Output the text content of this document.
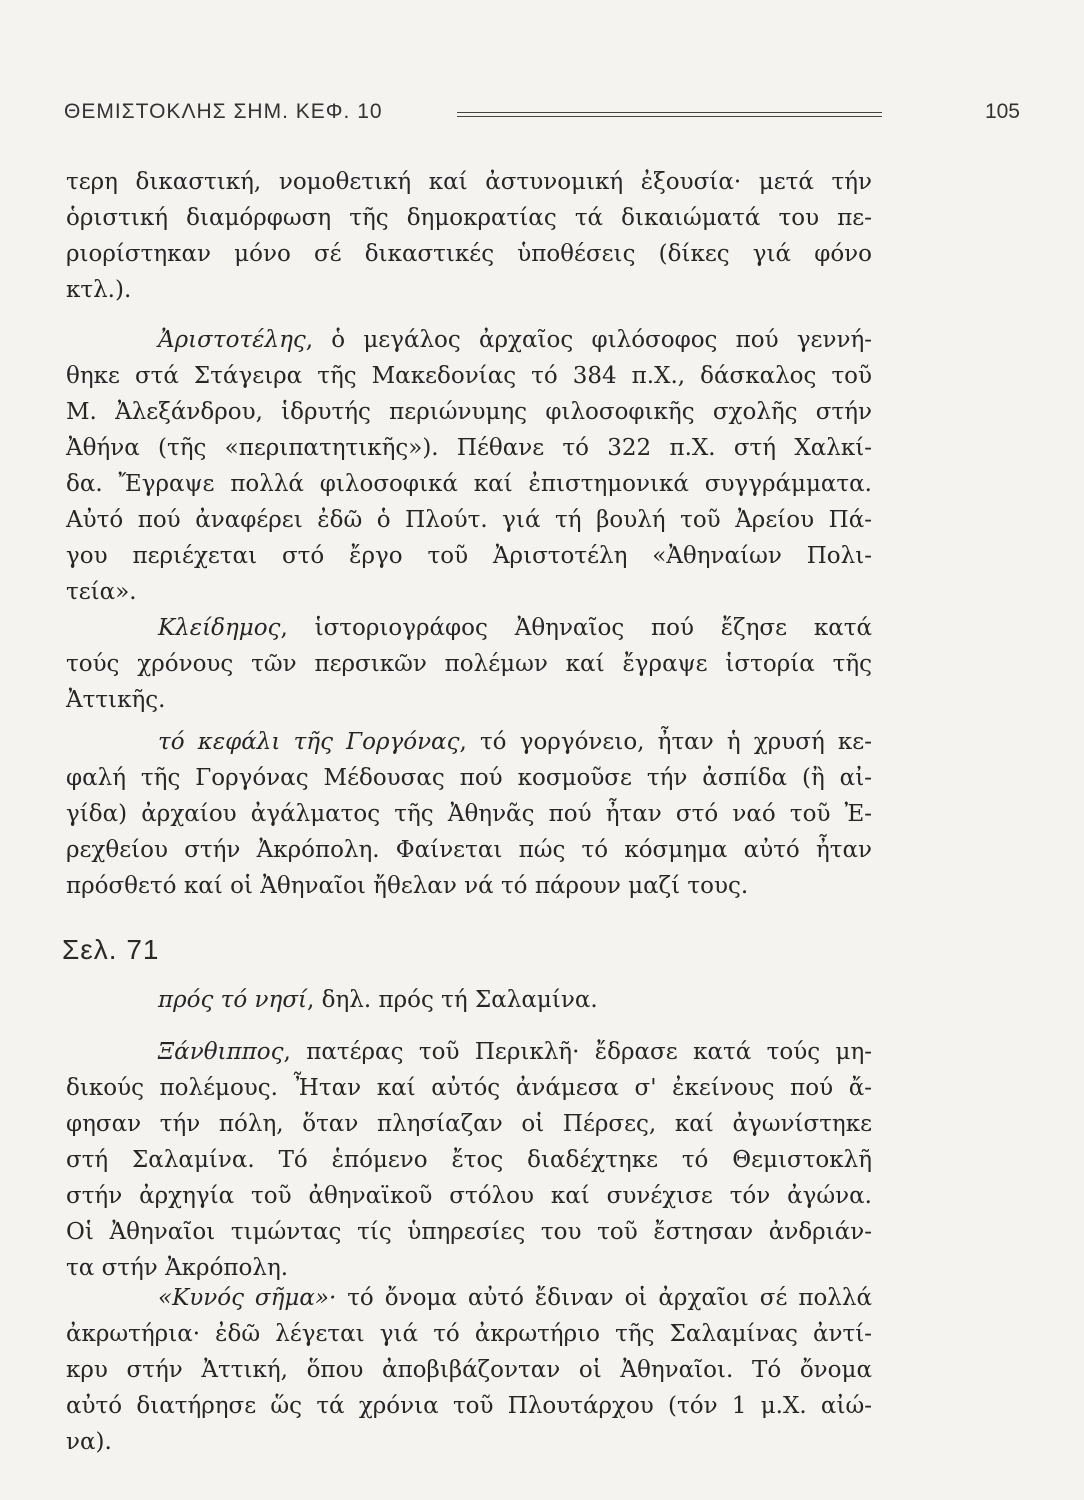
ΘΕΜΙΣΤΟΚΛΗΣ ΣΗΜ. ΚΕΦ. 10	105
τερη δικαστική, νομοθετική καί ἀστυνομική ἐξουσία· μετά τήν
ὁριστική διαμόρφωση τῆς δημοκρατίας τά δικαιώματά του πε-
ριορίστηκαν μόνο σέ δικαστικές ὑποθέσεις (δίκες γιά φόνο
κτλ.).
Ἀριστοτέλης, ὁ μεγάλος ἀρχαῖος φιλόσοφος πού γεννή-
θηκε στά Στάγειρα τῆς Μακεδονίας τό 384 π.Χ., δάσκαλος τοῦ
Μ. Ἀλεξάνδρου, ἱδρυτής περιώνυμης φιλοσοφικῆς σχολῆς στήν
Ἀθήνα (τῆς «περιπατητικῆς»). Πέθανε τό 322 π.Χ. στή Χαλκί-
δα. Ἔγραψε πολλά φιλοσοφικά καί ἐπιστημονικά συγγράμματα.
Αὐτό πού ἀναφέρει ἐδῶ ὁ Πλούτ. γιά τή βουλή τοῦ Ἀρείου Πά-
γου περιέχεται στό ἔργο τοῦ Ἀριστοτέλη «Ἀθηναίων Πολι-
τεία».
Κλείδημος, ἱστοριογράφος Ἀθηναῖος πού ἔζησε κατά
τούς χρόνους τῶν περσικῶν πολέμων καί ἔγραψε ἱστορία τῆς
Ἀττικῆς.
τό κεφάλι τῆς Γοργόνας, τό γοργόνειο, ἦταν ἡ χρυσή κε-
φαλή τῆς Γοργόνας Μέδουσας πού κοσμοῦσε τήν ἀσπίδα (ἢ αἰ-
γίδα) ἀρχαίου ἀγάλματος τῆς Ἀθηνᾶς πού ἦταν στό ναό τοῦ Ἐ-
ρεχθείου στήν Ἀκρόπολη. Φαίνεται πώς τό κόσμημα αὐτό ἦταν
πρόσθετό καί οἱ Ἀθηναῖοι ἤθελαν νά τό πάρουν μαζί τους.
Σελ. 71
πρός τό νησί, δηλ. πρός τή Σαλαμίνα.
Ξάνθιππος, πατέρας τοῦ Περικλῆ· ἔδρασε κατά τούς μη-
δικούς πολέμους. Ἦταν καί αὐτός ἀνάμεσα σ' ἐκείνους πού ἄ-
φησαν τήν πόλη, ὅταν πλησίαζαν οἱ Πέρσες, καί ἀγωνίστηκε
στή Σαλαμίνα. Τό ἑπόμενο ἔτος διαδέχτηκε τό Θεμιστοκλῆ
στήν ἀρχηγία τοῦ ἀθηναϊκοῦ στόλου καί συνέχισε τόν ἀγώνα.
Οἱ Ἀθηναῖοι τιμώντας τίς ὑπηρεσίες του τοῦ ἔστησαν ἀνδριάν-
τα στήν Ἀκρόπολη.
«Κυνός σῆμα»· τό ὄνομα αὐτό ἔδιναν οἱ ἀρχαῖοι σέ πολλά
ἀκρωτήρια· ἐδῶ λέγεται γιά τό ἀκρωτήριο τῆς Σαλαμίνας ἀντί-
κρυ στήν Ἀττική, ὅπου ἀποβιβάζονταν οἱ Ἀθηναῖοι. Τό ὄνομα
αὐτό διατήρησε ὥς τά χρόνια τοῦ Πλουτάρχου (τόν 1 μ.Χ. αἰώ-
να).
